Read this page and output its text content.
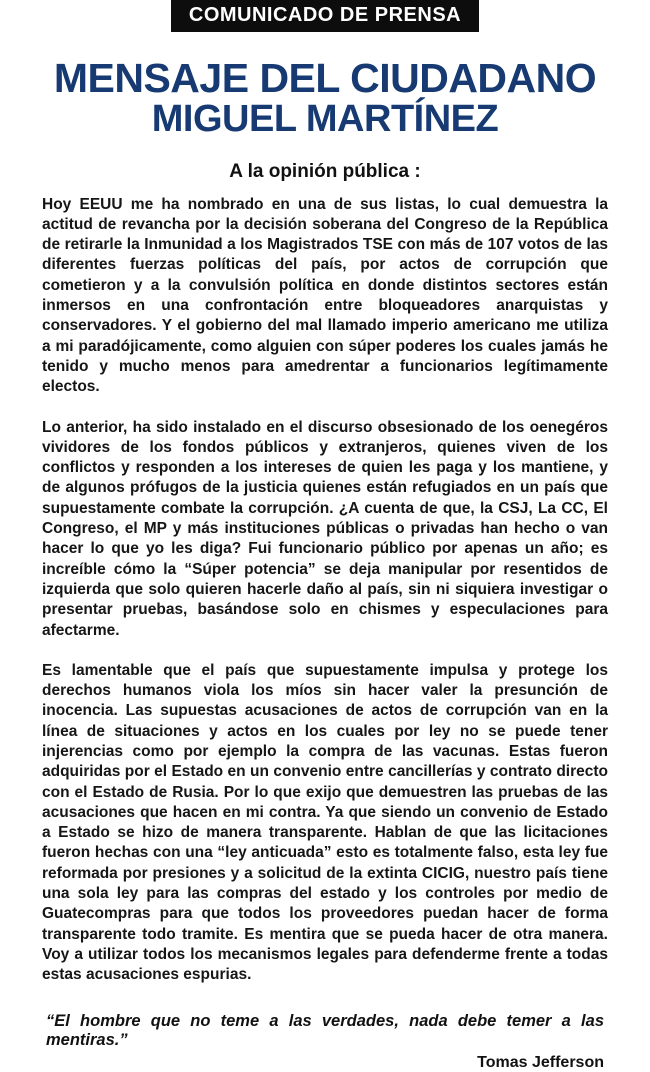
COMUNICADO DE PRENSA
MENSAJE DEL CIUDADANO
MIGUEL MARTÍNEZ
A la opinión pública :

Hoy EEUU me ha nombrado en una de sus listas, lo cual demuestra la actitud de revancha por la decisión soberana del Congreso de la República de retirarle la Inmunidad a los Magistrados TSE con más de 107 votos de las diferentes fuerzas políticas del país, por actos de corrupción que cometieron y a la convulsión política en donde distintos sectores están inmersos en una confrontación entre bloqueadores anarquistas y conservadores. Y el gobierno del mal llamado imperio americano me utiliza a mi paradójicamente, como alguien con súper poderes los cuales jamás he tenido y mucho menos para amedrentar a funcionarios legítimamente electos.

Lo anterior, ha sido instalado en el discurso obsesionado de los oenegéros vividores de los fondos públicos y extranjeros, quienes viven de los conflictos y responden a los intereses de quien les paga y los mantiene, y de algunos prófugos de la justicia quienes están refugiados en un país que supuestamente combate la corrupción. ¿A cuenta de que, la CSJ, La CC, El Congreso, el MP y más instituciones públicas o privadas han hecho o van hacer lo que yo les diga? Fui funcionario público por apenas un año; es increíble cómo la “Súper potencia” se deja manipular por resentidos de izquierda que solo quieren hacerle daño al país, sin ni siquiera investigar o presentar pruebas, basándose solo en chismes y especulaciones para afectarme.

Es lamentable que el país que supuestamente impulsa y protege los derechos humanos viola los míos sin hacer valer la presunción de inocencia. Las supuestas acusaciones de actos de corrupción van en la línea de situaciones y actos en los cuales por ley no se puede tener injerencias como por ejemplo la compra de las vacunas. Estas fueron adquiridas por el Estado en un convenio entre cancillerías y contrato directo con el Estado de Rusia. Por lo que exijo que demuestren las pruebas de las acusaciones que hacen en mi contra. Ya que siendo un convenio de Estado a Estado se hizo de manera transparente. Hablan de que las licitaciones fueron hechas con una “ley anticuada” esto es totalmente falso, esta ley fue reformada por presiones y a solicitud de la extinta CICIG, nuestro país tiene una sola ley para las compras del estado y los controles por medio de Guatecompras para que todos los proveedores puedan hacer de forma transparente todo tramite. Es mentira que se pueda hacer de otra manera. Voy a utilizar todos los mecanismos legales para defenderme frente a todas estas acusaciones espurias.

“El hombre que no teme a las verdades, nada debe temer a las mentiras.”

Tomas Jefferson
